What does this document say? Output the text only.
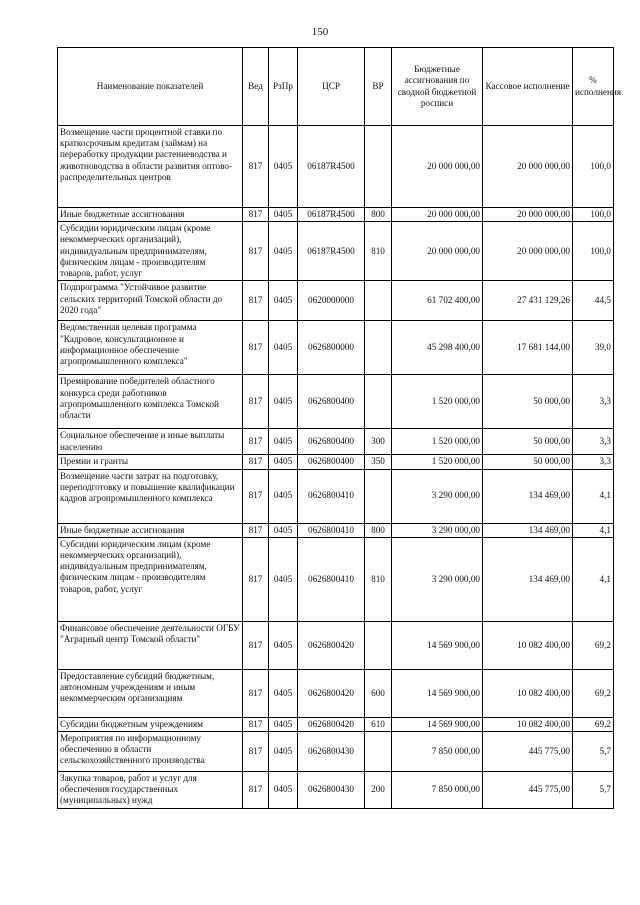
150
Наименование показателей	Вед	РзПр	ЦСР	ВР	Бюджетные ассигнования по сводной бюджетной росписи	Кассовое исполнение	% исполнения
Возмещение части процентной ставки по краткосрочным кредитам (займам) на переработку продукции растениеводства и животноводства в области развития оптово-распределительных центров	817	0405	06187R4500		20 000 000,00	20 000 000,00	100,0
Иные бюджетные ассигнования	817	0405	06187R4500	800	20 000 000,00	20 000 000,00	100,0
Субсидии юридическим лицам (кроме некоммерческих организаций), индивидуальным предпринимателям, физическим лицам - производителям товаров, работ, услуг	817	0405	06187R4500	810	20 000 000,00	20 000 000,00	100,0
Подпрограмма "Устойчивое развитие сельских территорий Томской области до 2020 года"	817	0405	0620000000		61 702 400,00	27 431 129,26	44,5
Ведомственная целевая программа "Кадровое, консультационное и информационное обеспечение агропромышленного комплекса"	817	0405	0626800000		45 298 400,00	17 681 144,00	39,0
Премирование победителей областного конкурса среди работников агропромышленного комплекса Томской области	817	0405	0626800400		1 520 000,00	50 000,00	3,3
Социальное обеспечение и иные выплаты населению	817	0405	0626800400	300	1 520 000,00	50 000,00	3,3
Премии и гранты	817	0405	0626800400	350	1 520 000,00	50 000,00	3,3
Возмещение части затрат на подготовку, переподготовку и повышение квалификации кадров агропромышленного комплекса	817	0405	0626800410		3 290 000,00	134 469,00	4,1
Иные бюджетные ассигнования	817	0405	0626800410	800	3 290 000,00	134 469,00	4,1
Субсидии юридическим лицам (кроме некоммерческих организаций), индивидуальным предпринимателям, физическим лицам - производителям товаров, работ, услуг	817	0405	0626800410	810	3 290 000,00	134 469,00	4,1
Финансовое обеспечение деятельности ОГБУ "Аграрный центр Томской области"	817	0405	0626800420		14 569 900,00	10 082 400,00	69,2
Предоставление субсидий бюджетным, автономным учреждениям и иным некоммерческим организациям	817	0405	0626800420	600	14 569 900,00	10 082 400,00	69,2
Субсидии бюджетным учреждениям	817	0405	0626800420	610	14 569 900,00	10 082 400,00	69,2
Мероприятия по информационному обеспечению в области сельскохозяйственного производства	817	0405	0626800430		7 850 000,00	445 775,00	5,7
Закупка товаров, работ и услуг для обеспечения государственных (муниципальных) нужд	817	0405	0626800430	200	7 850 000,00	445 775,00	5,7
